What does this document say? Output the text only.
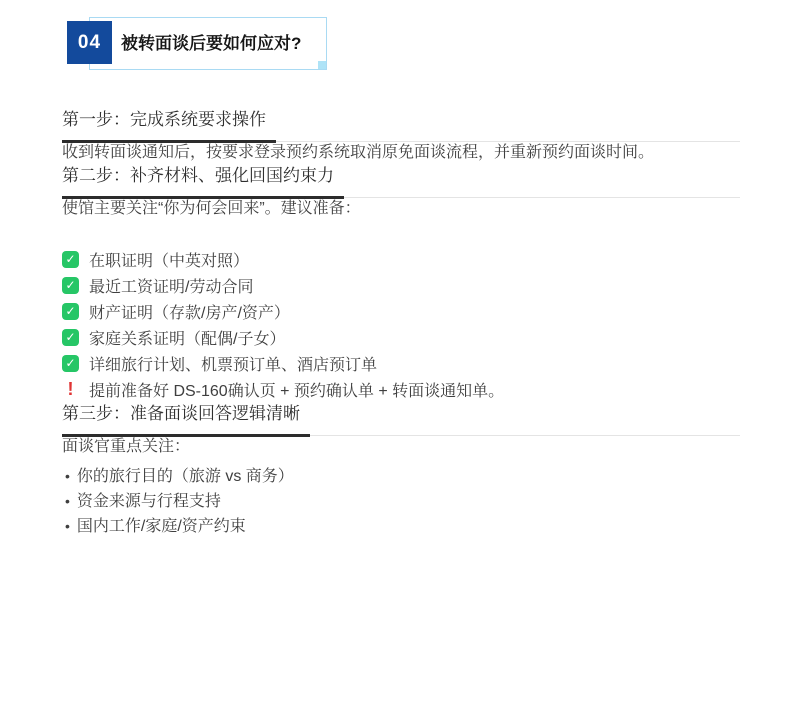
被转面谈后要如何应对?
04
第一步：完成系统要求操作

收到转面谈通知后，按要求登录预约系统取消原免面谈流程，并重新预约面谈时间。

第二步：补齐材料、强化回国约束力

使馆主要关注“你为何会回来”。建议准备：

✓ 在职证明（中英对照）
✓ 最近工资证明/劳动合同
✓ 财产证明（存款/房产/资产）
✓ 家庭关系证明（配偶/子女）
✓ 详细旅行计划、机票预订单、酒店预订单
! 提前准备好 DS-160确认页 + 预约确认单 + 转面谈通知单。
第三步：准备面谈回答逻辑清晰

面谈官重点关注：

• 你的旅行目的（旅游 vs 商务）
• 资金来源与行程支持
• 国内工作/家庭/资产约束
